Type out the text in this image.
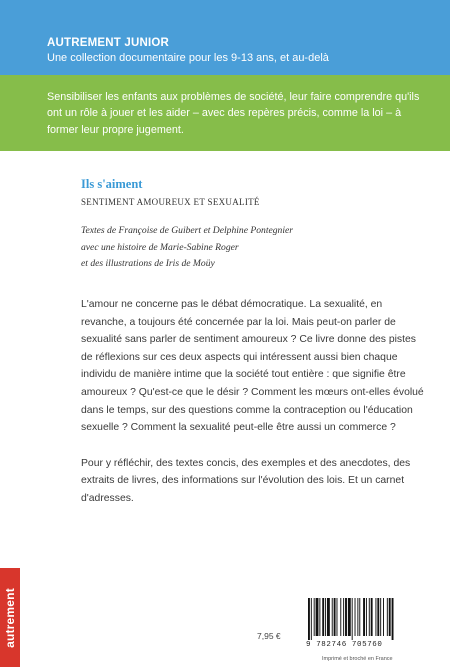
AUTREMENT JUNIOR
Une collection documentaire pour les 9-13 ans, et au-delà

Sensibiliser les enfants aux problèmes de société, leur faire comprendre qu'ils ont un rôle à jouer et les aider – avec des repères précis, comme la loi – à former leur propre jugement.

Ils s'aiment
SENTIMENT AMOUREUX ET SEXUALITÉ
Textes de Françoise de Guibert et Delphine Pontegnier
avec une histoire de Marie-Sabine Roger
et des illustrations de Iris de Moüy

L'amour ne concerne pas le débat démocratique. La sexualité, en revanche, a toujours été concernée par la loi. Mais peut-on parler de sexualité sans parler de sentiment amoureux ? Ce livre donne des pistes de réflexions sur ces deux aspects qui intéressent aussi bien chaque individu de manière intime que la société tout entière : que signifie être amoureux ? Qu'est-ce que le désir ? Comment les mœurs ont-elles évolué dans le temps, sur des questions comme la contraception ou l'éducation sexuelle ? Comment la sexualité peut-elle être aussi un commerce ?

Pour y réfléchir, des textes concis, des exemples et des anecdotes, des extraits de livres, des informations sur l'évolution des lois. Et un carnet d'adresses.

autrement	7,95 €
9 782746 705760
Imprimé et broché en France
